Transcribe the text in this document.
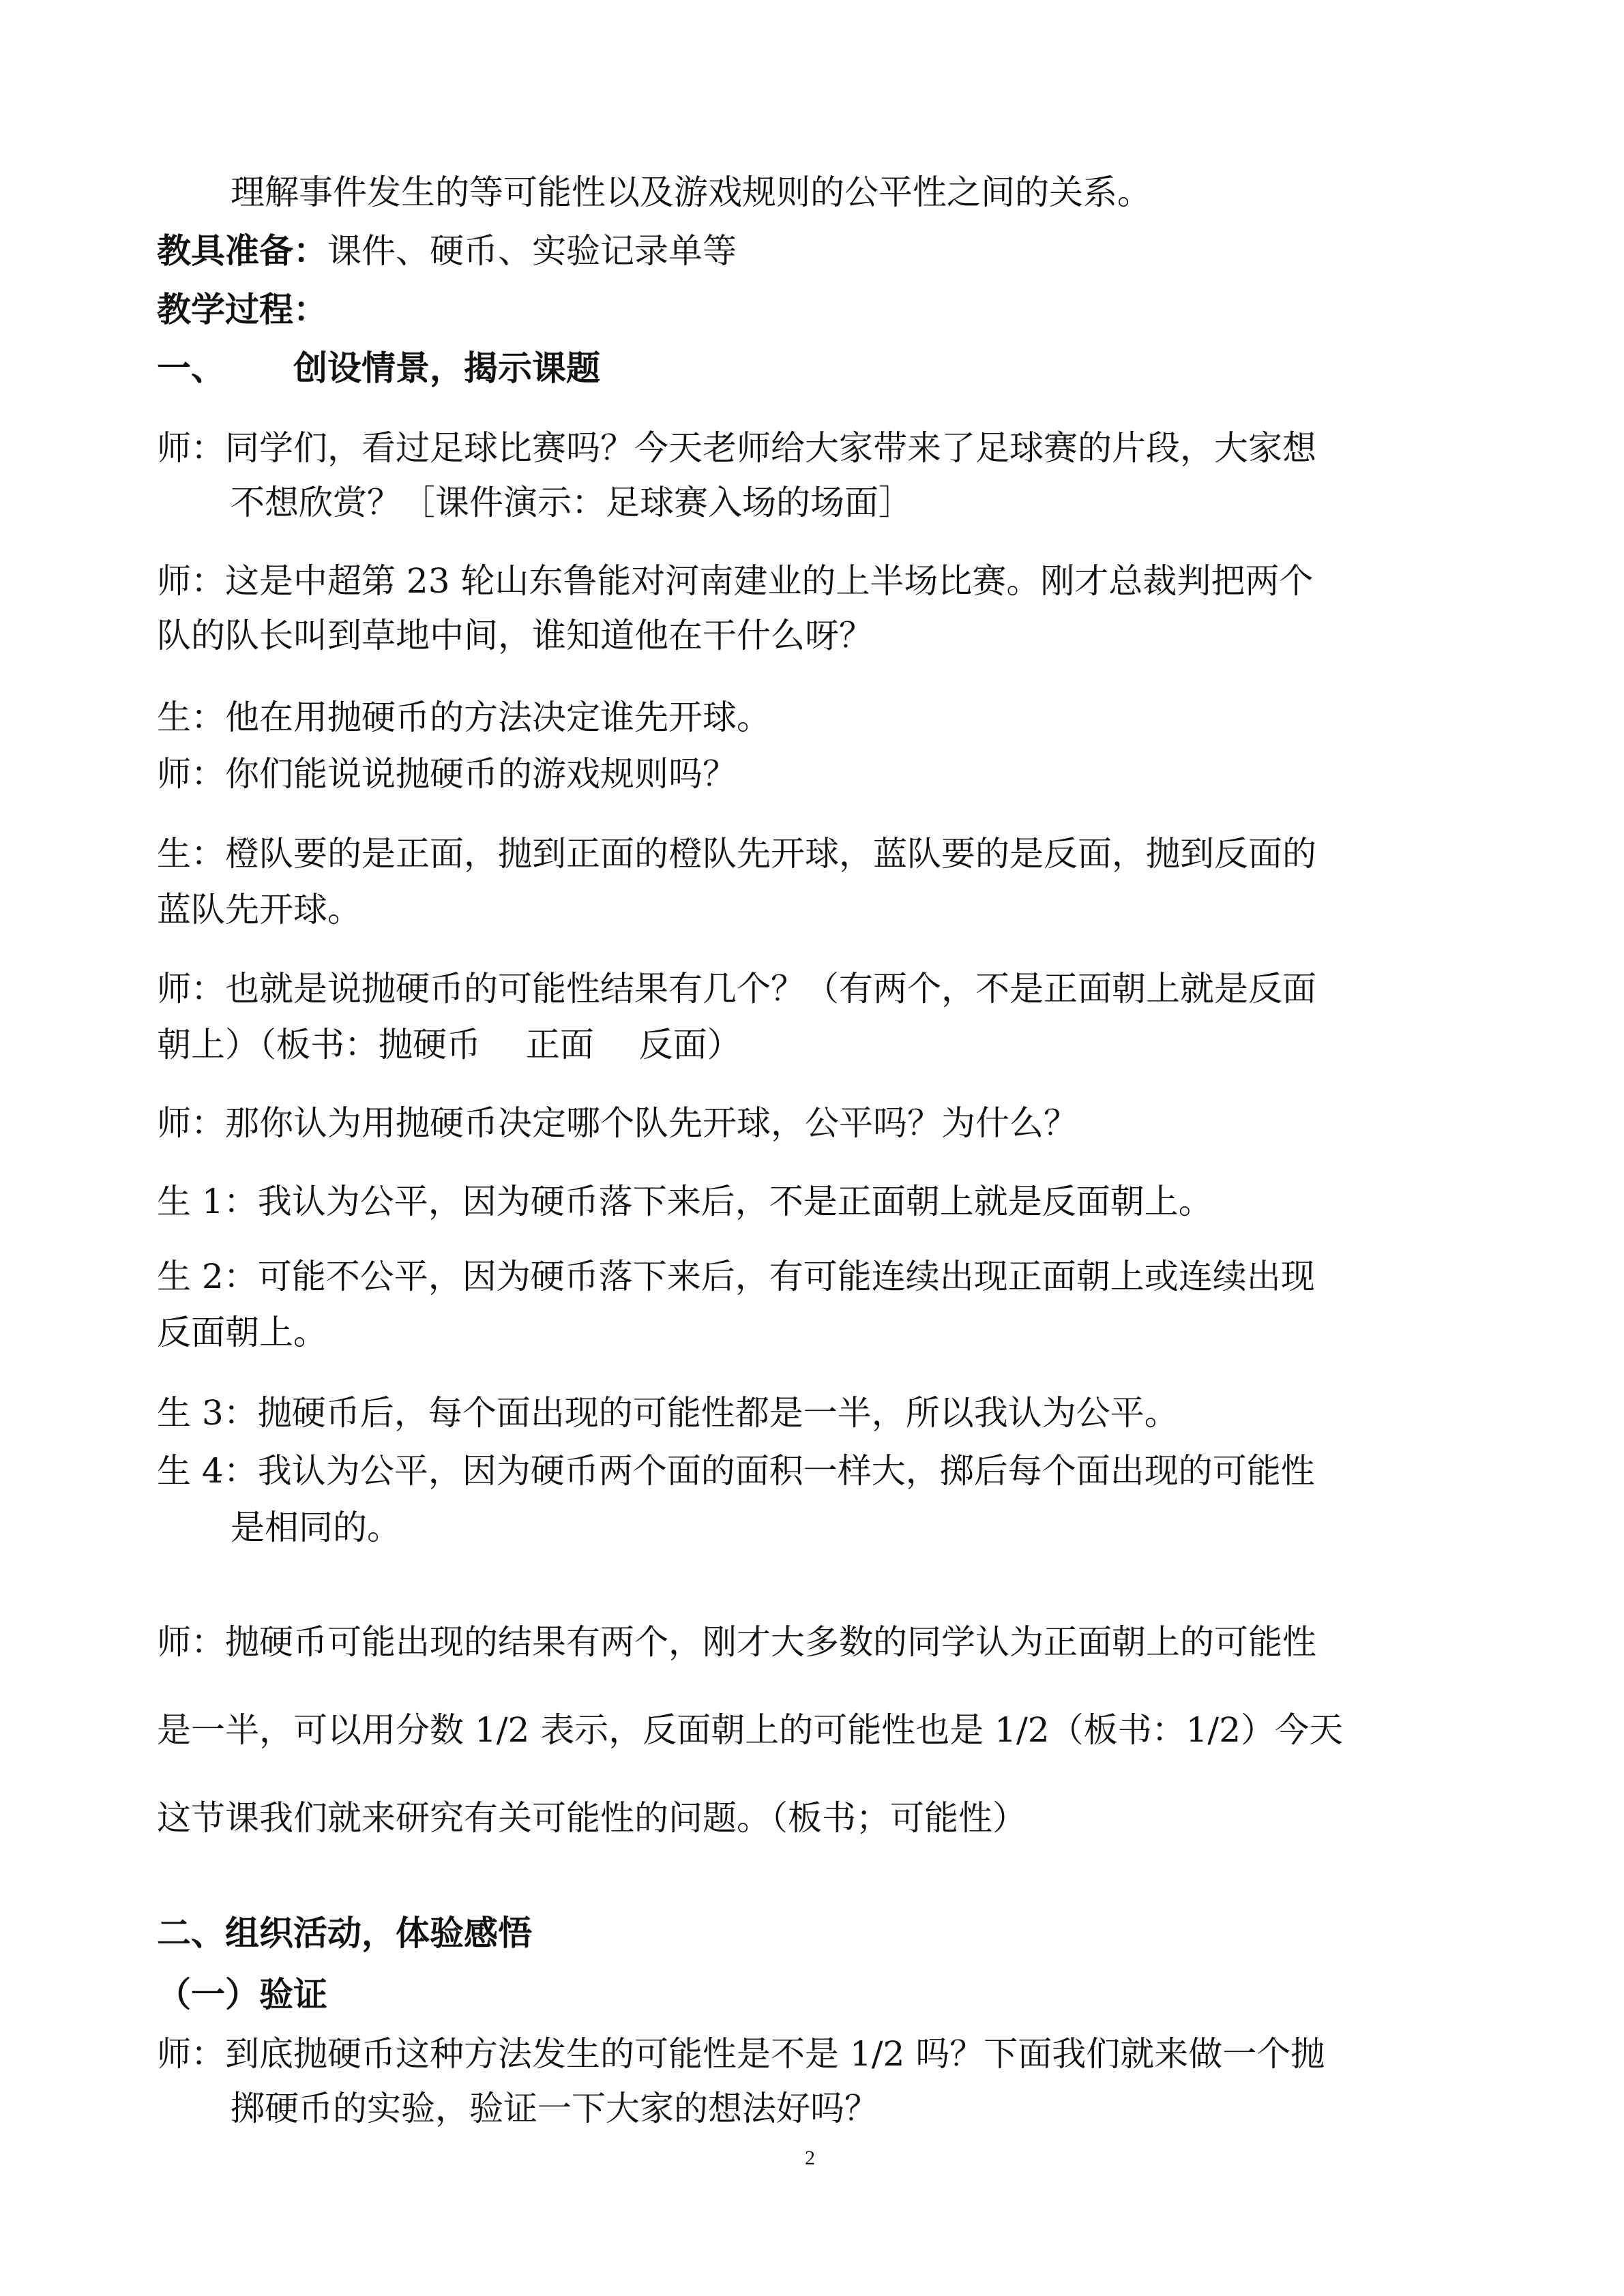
理解事件发生的等可能性以及游戏规则的公平性之间的关系。

教具准备：课件、硬币、实验记录单等

教学过程：

一、 创设情景，揭示课题

师：同学们，看过足球比赛吗？今天老师给大家带来了足球赛的片段，大家想

不想欣赏？［课件演示：足球赛入场的场面］

师：这是中超第 23 轮山东鲁能对河南建业的上半场比赛。刚才总裁判把两个

队的队长叫到草地中间，谁知道他在干什么呀？

生：他在用抛硬币的方法决定谁先开球。

师：你们能说说抛硬币的游戏规则吗？

生：橙队要的是正面，抛到正面的橙队先开球，蓝队要的是反面，抛到反面的

蓝队先开球。

师：也就是说抛硬币的可能性结果有几个？（有两个，不是正面朝上就是反面

朝上）（板书：抛硬币　 正面　 反面）

师：那你认为用抛硬币决定哪个队先开球，公平吗？为什么？

生 1：我认为公平，因为硬币落下来后，不是正面朝上就是反面朝上。

生 2：可能不公平，因为硬币落下来后，有可能连续出现正面朝上或连续出现

反面朝上。

生 3：抛硬币后，每个面出现的可能性都是一半，所以我认为公平。

生 4：我认为公平，因为硬币两个面的面积一样大，掷后每个面出现的可能性

是相同的。

师：抛硬币可能出现的结果有两个，刚才大多数的同学认为正面朝上的可能性

是一半，可以用分数 1/2 表示，反面朝上的可能性也是 1/2（板书：1/2）今天

这节课我们就来研究有关可能性的问题。（板书；可能性）

二、组织活动，体验感悟

（一）验证

师：到底抛硬币这种方法发生的可能性是不是 1/2 吗？下面我们就来做一个抛

掷硬币的实验，验证一下大家的想法好吗？

2
